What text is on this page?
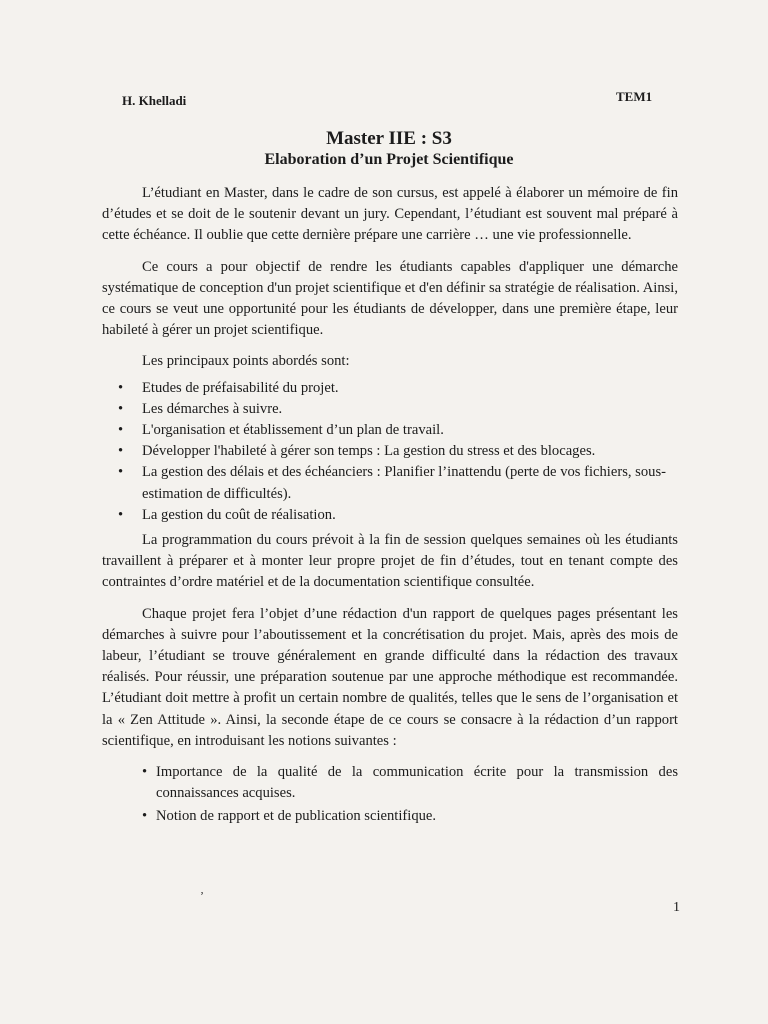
H. Khelladi	TEM1
Master IIE : S3
Elaboration d’un Projet Scientifique

L’étudiant en Master, dans le cadre de son cursus, est appelé à élaborer un mémoire de fin d’études et se doit de le soutenir devant un jury. Cependant, l’étudiant est souvent mal préparé à cette échéance. Il oublie que cette dernière prépare une carrière … une vie professionnelle.

Ce cours a pour objectif de rendre les étudiants capables d'appliquer une démarche systématique de conception d'un projet scientifique et d'en définir sa stratégie de réalisation. Ainsi, ce cours se veut une opportunité pour les étudiants de développer, dans une première étape, leur habileté à gérer un projet scientifique.

Les principaux points abordés sont:

• Etudes de préfaisabilité du projet.
• Les démarches à suivre.
• L'organisation et établissement d’un plan de travail.
• Développer l'habileté à gérer son temps : La gestion du stress et des blocages.
• La gestion des délais et des échéanciers : Planifier l’inattendu (perte de vos fichiers, sous-estimation de difficultés).
• La gestion du coût de réalisation.

La programmation du cours prévoit à la fin de session quelques semaines où les étudiants travaillent à préparer et à monter leur propre projet de fin d’études, tout en tenant compte des contraintes d’ordre matériel et de la documentation scientifique consultée.

Chaque projet fera l’objet d’une rédaction d'un rapport de quelques pages présentant les démarches à suivre pour l’aboutissement et la concrétisation du projet. Mais, après des mois de labeur, l’étudiant se trouve généralement en grande difficulté dans la rédaction des travaux réalisés. Pour réussir, une préparation soutenue par une approche méthodique est recommandée. L’étudiant doit mettre à profit un certain nombre de qualités, telles que le sens de l’organisation et la « Zen Attitude ». Ainsi, la seconde étape de ce cours se consacre à la rédaction d’un rapport scientifique, en introduisant les notions suivantes :

• Importance de la qualité de la communication écrite pour la transmission des connaissances acquises.
• Notion de rapport et de publication scientifique.
ʼ
1
